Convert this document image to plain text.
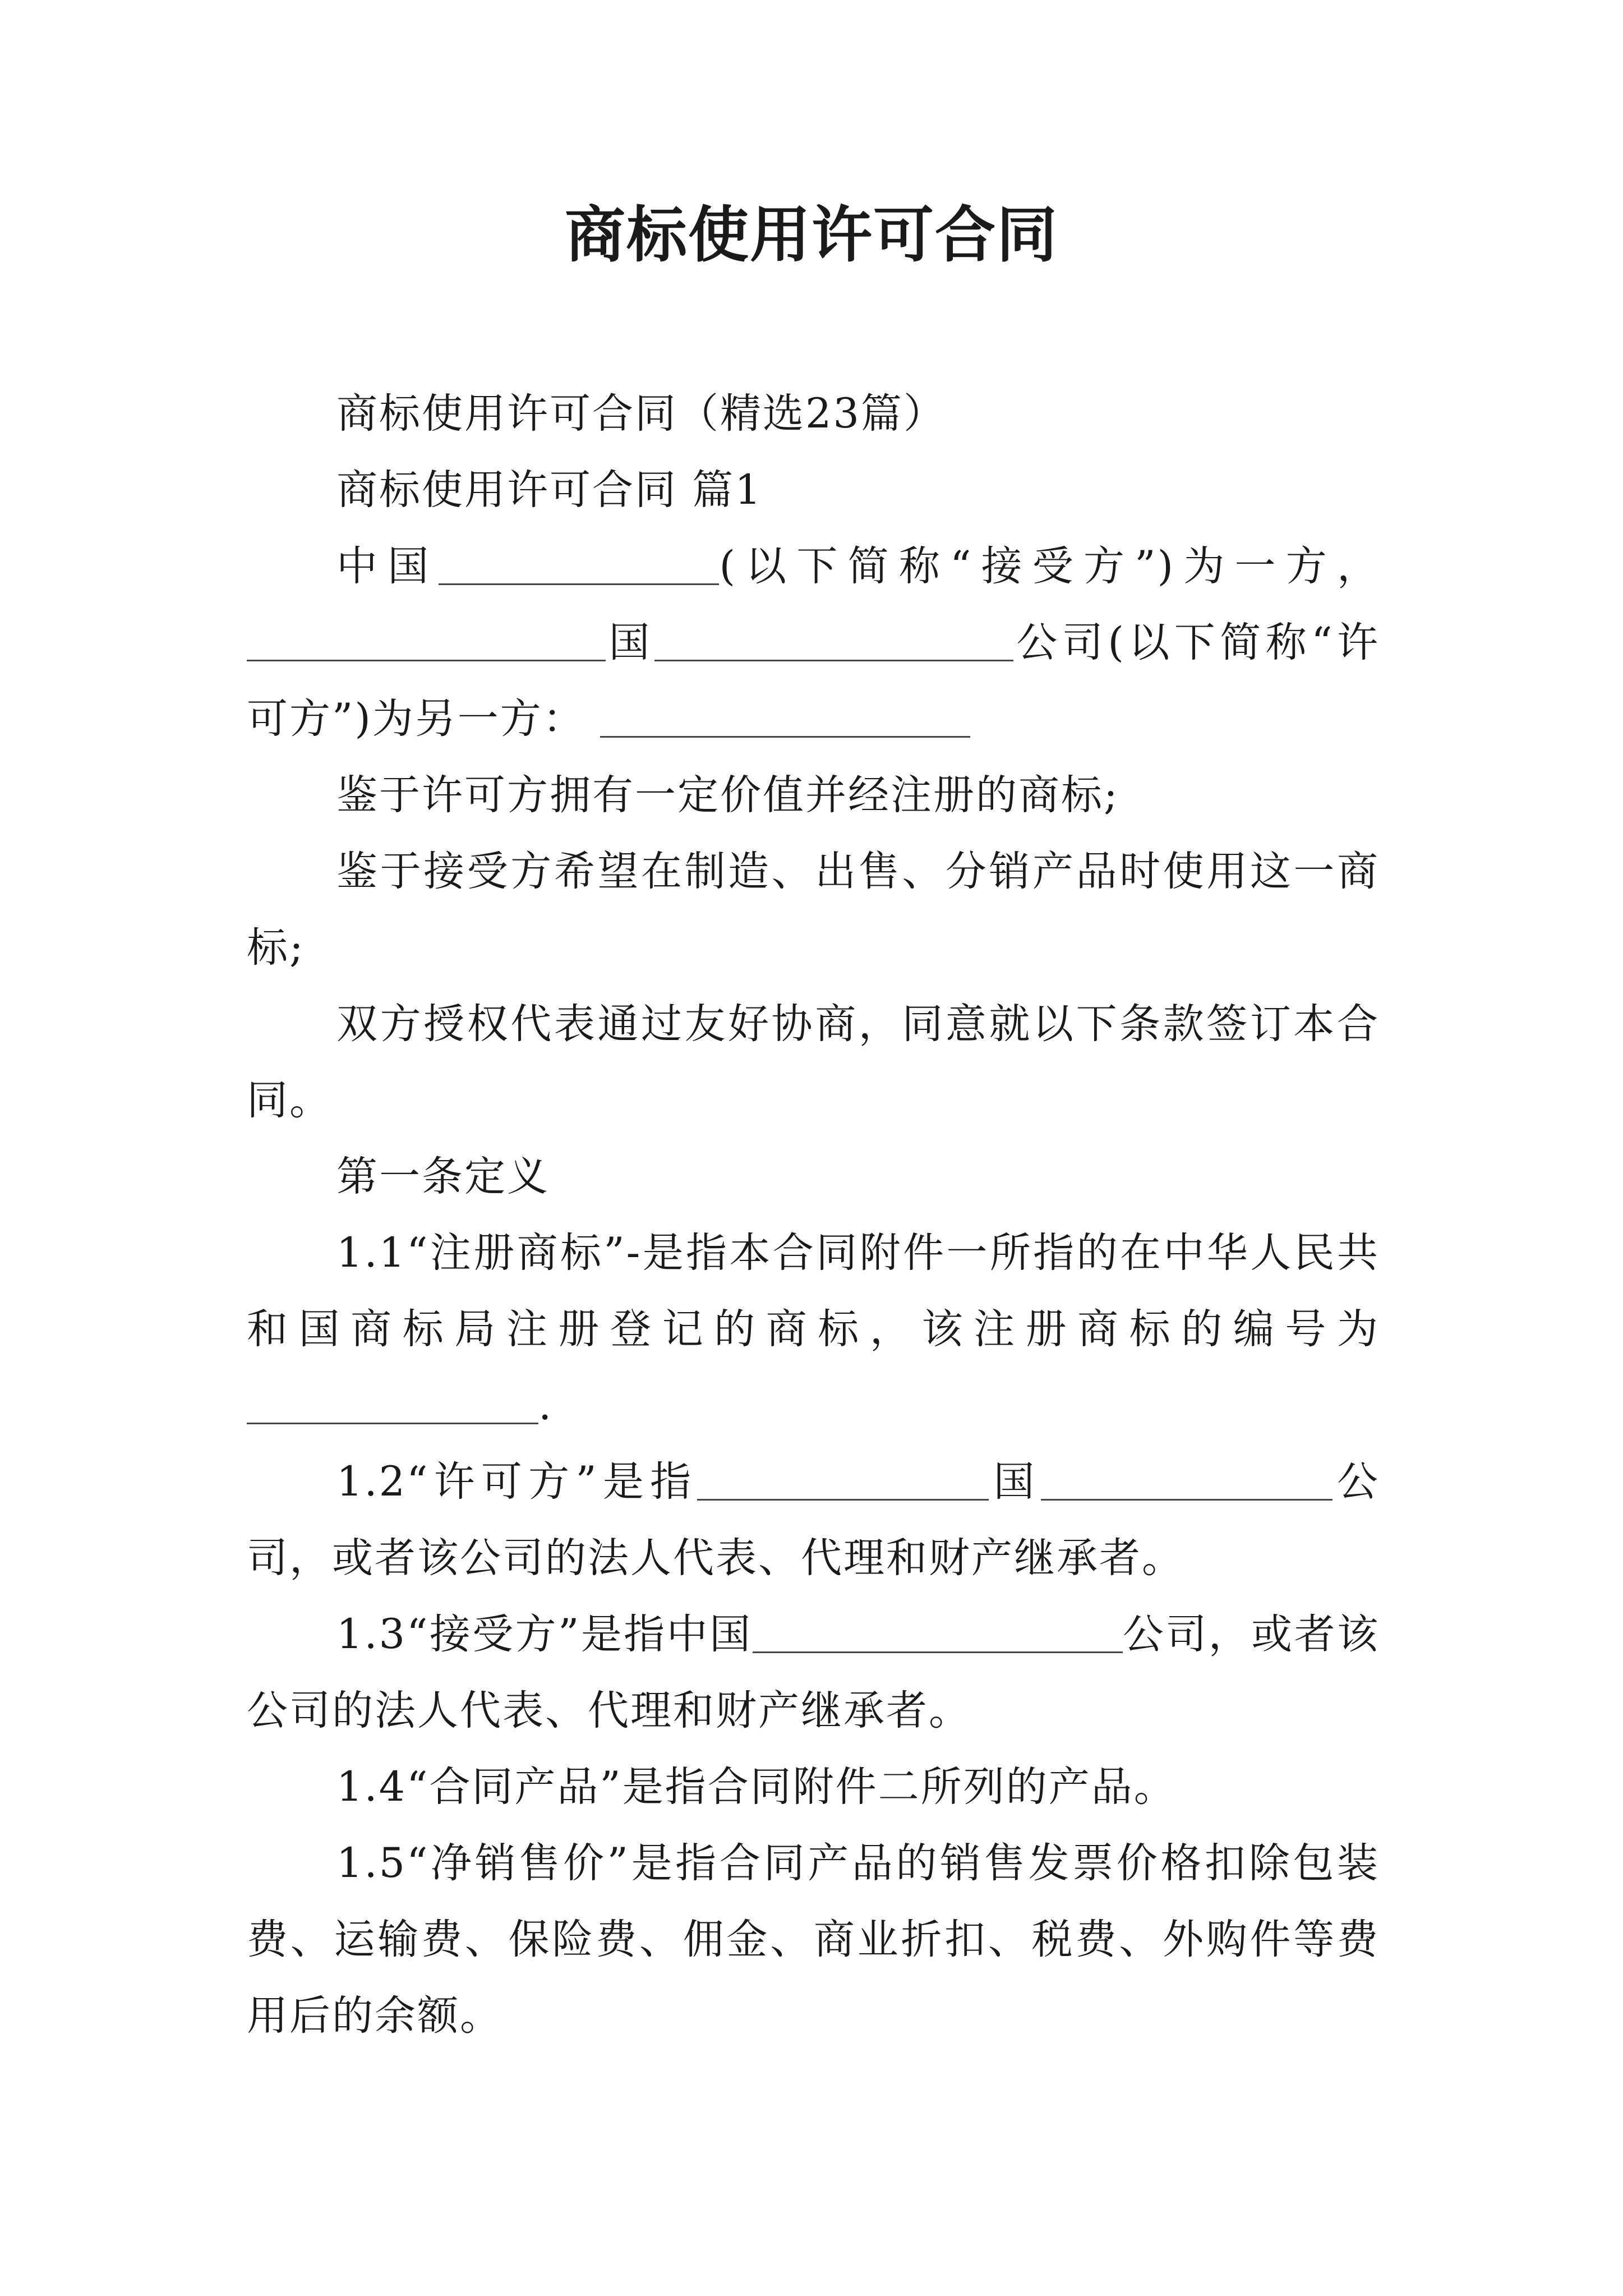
商标使用许可合同

商标使用许可合同（精选23篇）

商标使用许可合同 篇1

中国	(以下简称“接受方”)为一方，国	公司(以下简称“许可方”)为另一方：

鉴于许可方拥有一定价值并经注册的商标;

鉴于接受方希望在制造、出售、分销产品时使用这一商标;

双方授权代表通过友好协商，同意就以下条款签订本合同。

第一条定义

1.1“注册商标”-是指本合同附件一所指的在中华人民共和国商标局注册登记的商标，该注册商标的编号为.

1.2“许可方”是指	国	公司，或者该公司的法人代表、代理和财产继承者。

1.3“接受方”是指中国	公司，或者该公司的法人代表、代理和财产继承者。

1.4“合同产品”是指合同附件二所列的产品。

1.5“净销售价”是指合同产品的销售发票价格扣除包装费、运输费、保险费、佣金、商业折扣、税费、外购件等费用后的余额。
